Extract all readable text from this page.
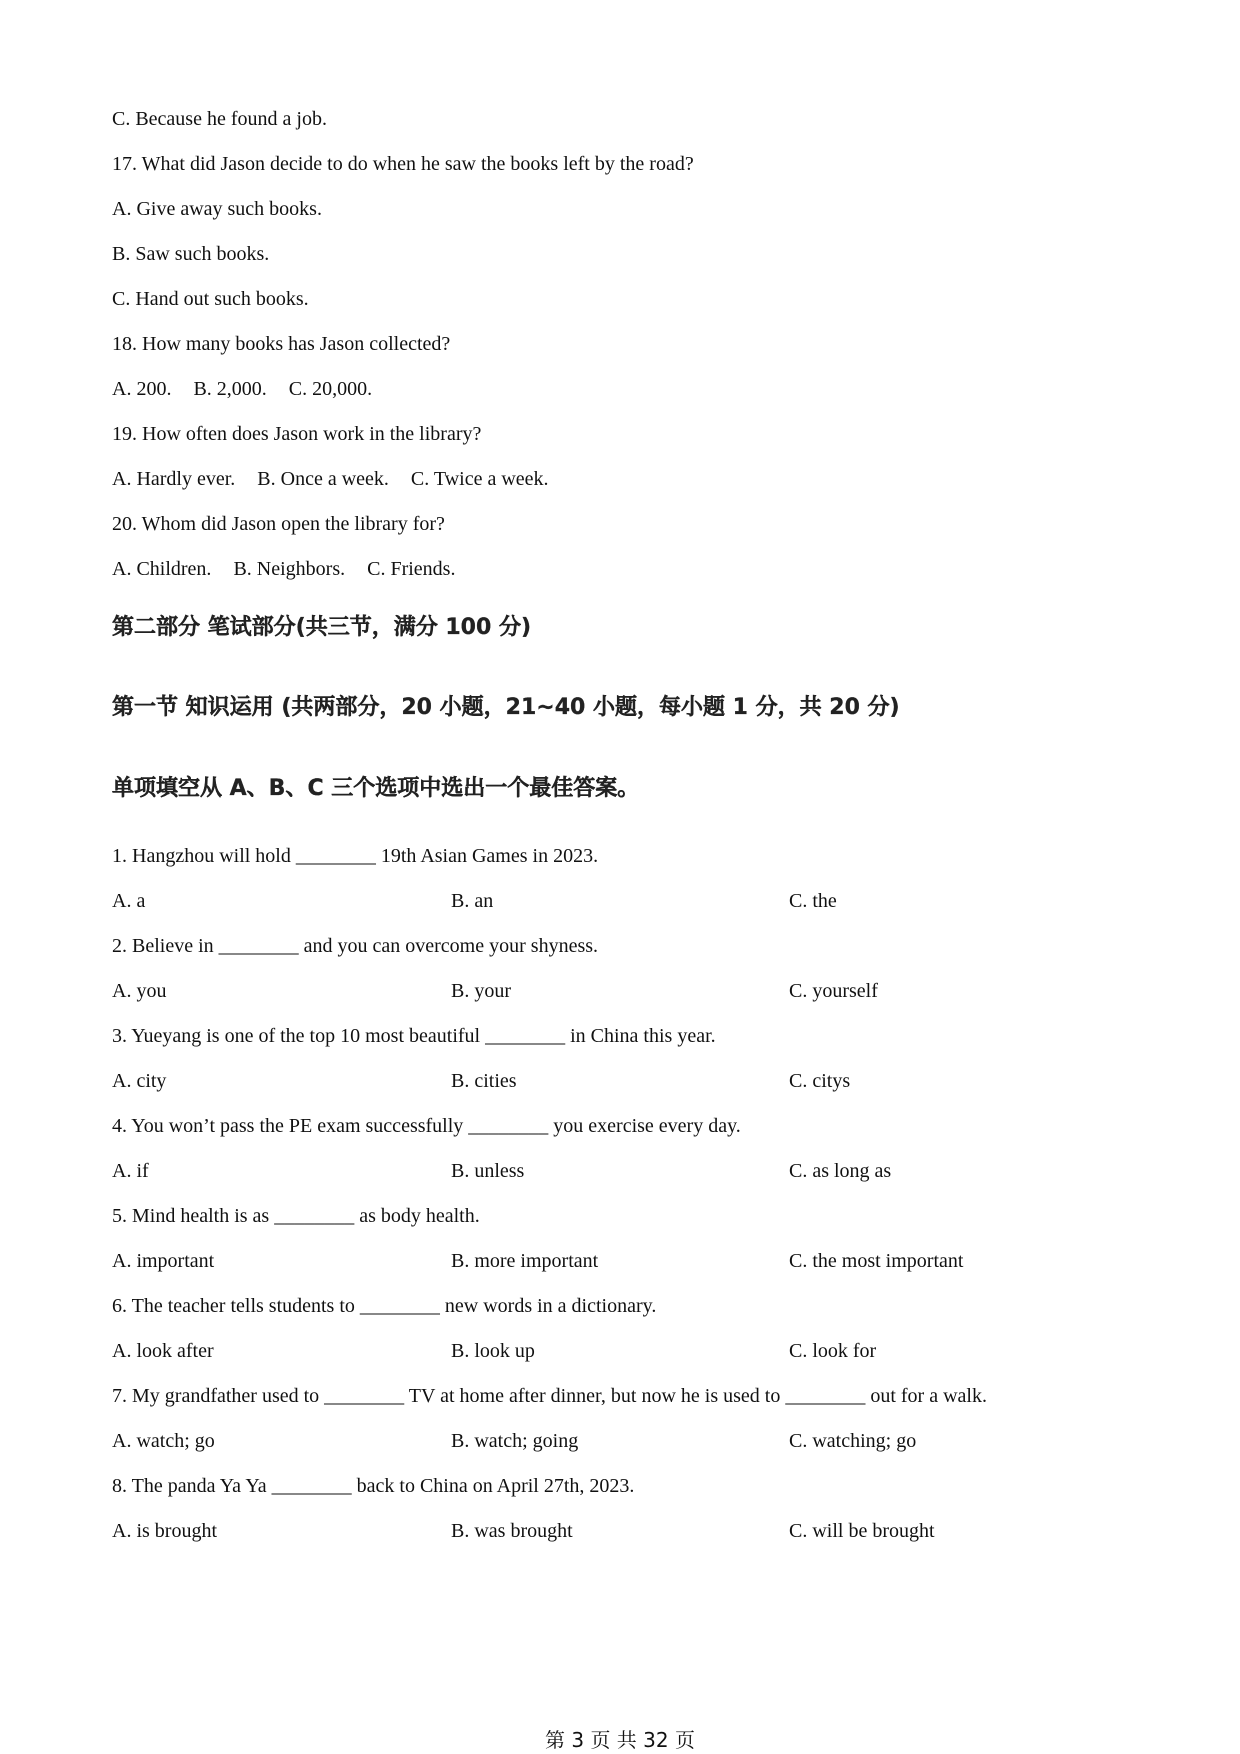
C. Because he found a job.
17. What did Jason decide to do when he saw the books left by the road?
A. Give away such books.
B. Saw such books.
C. Hand out such books.
18. How many books has Jason collected?
A. 200. B. 2,000. C. 20,000.
19. How often does Jason work in the library?
A. Hardly ever. B. Once a week. C. Twice a week.
20. Whom did Jason open the library for?
A. Children. B. Neighbors. C. Friends.
第二部分 笔试部分(共三节，满分 100 分)
第一节 知识运用 (共两部分，20 小题，21~40 小题，每小题 1 分，共 20 分)
单项填空从 A、B、C 三个选项中选出一个最佳答案。
1. Hangzhou will hold ________ 19th Asian Games in 2023.
A. a	B. an	C. the
2. Believe in ________ and you can overcome your shyness.
A. you	B. your	C. yourself
3. Yueyang is one of the top 10 most beautiful ________ in China this year.
A. city	B. cities	C. citys
4. You won’t pass the PE exam successfully ________ you exercise every day.
A. if	B. unless	C. as long as
5. Mind health is as ________ as body health.
A. important	B. more important	C. the most important
6. The teacher tells students to ________ new words in a dictionary.
A. look after	B. look up	C. look for
7. My grandfather used to ________ TV at home after dinner, but now he is used to ________ out for a walk.
A. watch; go	B. watch; going	C. watching; go
8. The panda Ya Ya ________ back to China on April 27th, 2023.
A. is brought	B. was brought	C. will be brought
第 3 页 共 32 页
